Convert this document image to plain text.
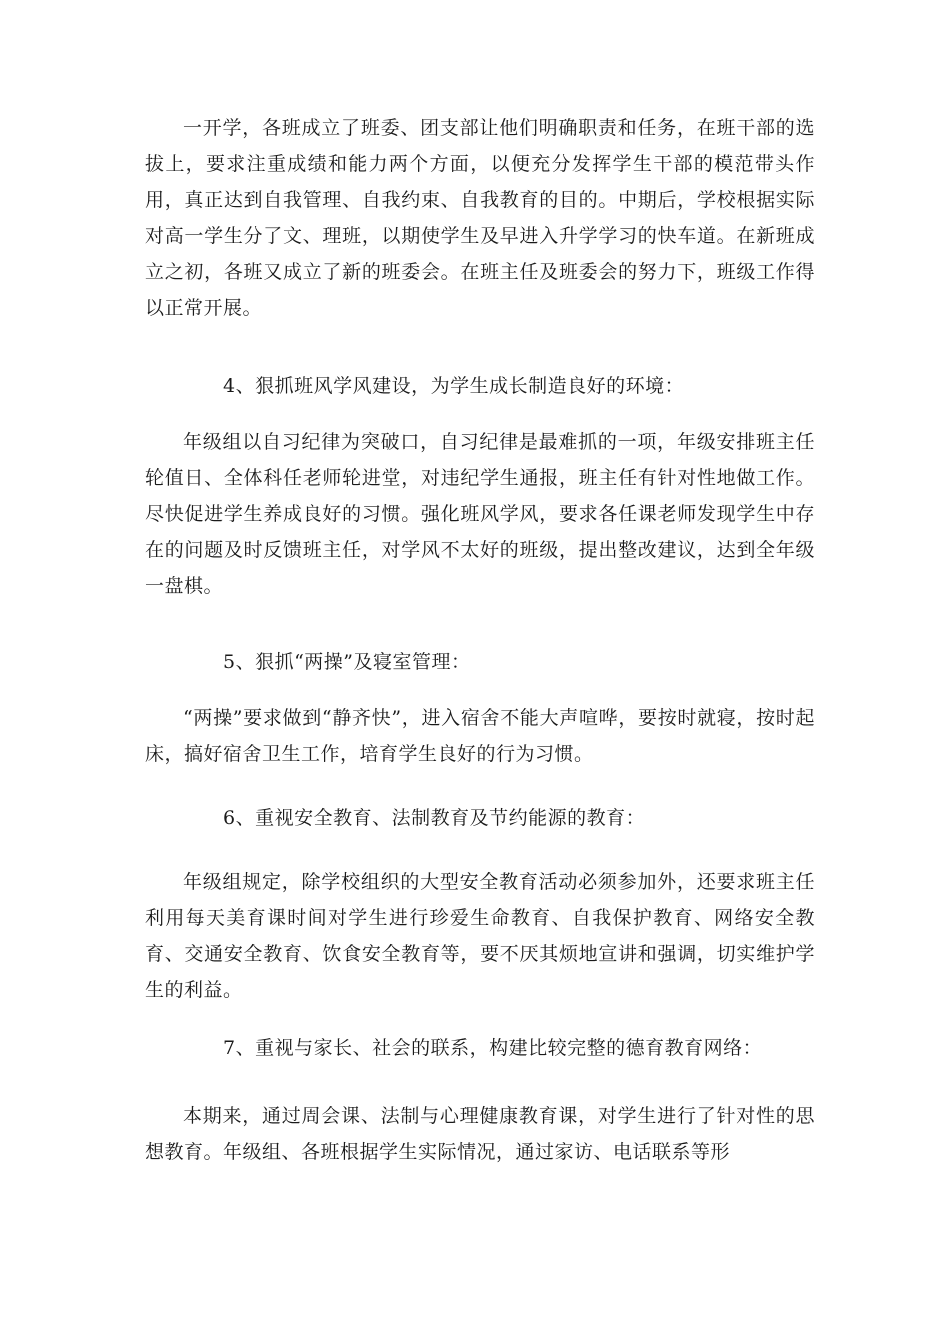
一开学，各班成立了班委、团支部让他们明确职责和任务，在班干部的选拔上，要求注重成绩和能力两个方面，以便充分发挥学生干部的模范带头作用，真正达到自我管理、自我约束、自我教育的目的。中期后，学校根据实际对高一学生分了文、理班，以期使学生及早进入升学学习的快车道。在新班成立之初，各班又成立了新的班委会。在班主任及班委会的努力下，班级工作得以正常开展。

4、狠抓班风学风建设，为学生成长制造良好的环境：

年级组以自习纪律为突破口，自习纪律是最难抓的一项，年级安排班主任轮值日、全体科任老师轮进堂，对违纪学生通报，班主任有针对性地做工作。尽快促进学生养成良好的习惯。强化班风学风，要求各任课老师发现学生中存在的问题及时反馈班主任，对学风不太好的班级，提出整改建议，达到全年级一盘棋。

5、狠抓“两操”及寝室管理：

“两操”要求做到“静齐快”，进入宿舍不能大声喧哗，要按时就寝，按时起床，搞好宿舍卫生工作，培育学生良好的行为习惯。

6、重视安全教育、法制教育及节约能源的教育：

年级组规定，除学校组织的大型安全教育活动必须参加外，还要求班主任利用每天美育课时间对学生进行珍爱生命教育、自我保护教育、网络安全教育、交通安全教育、饮食安全教育等，要不厌其烦地宣讲和强调，切实维护学生的利益。

7、重视与家长、社会的联系，构建比较完整的德育教育网络：

本期来，通过周会课、法制与心理健康教育课，对学生进行了针对性的思想教育。年级组、各班根据学生实际情况，通过家访、电话联系等形
